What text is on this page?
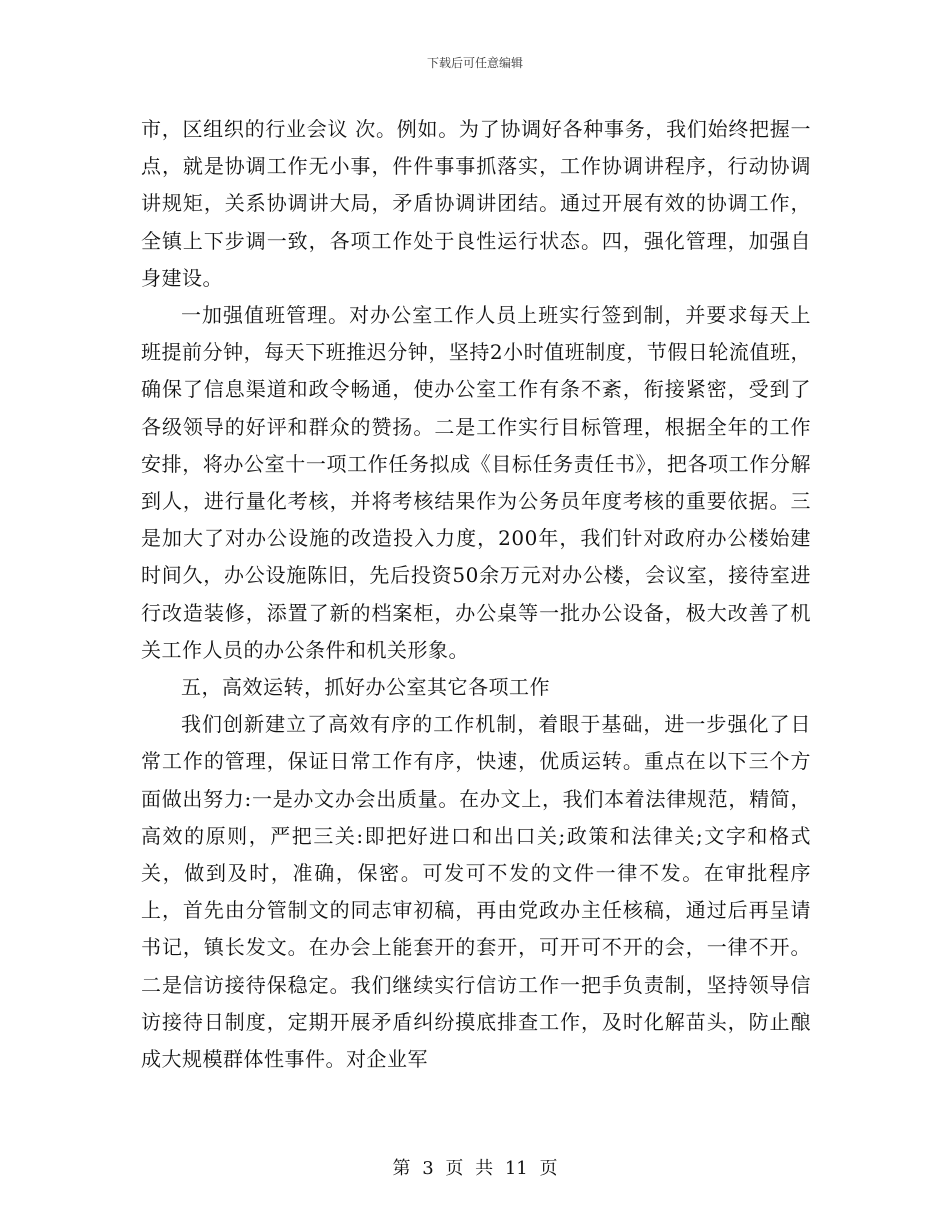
下载后可任意编辑

市，区组织的行业会议 次。例如。为了协调好各种事务，我们始终把握一点，就是协调工作无小事，件件事事抓落实，工作协调讲程序，行动协调讲规矩，关系协调讲大局，矛盾协调讲团结。通过开展有效的协调工作，全镇上下步调一致，各项工作处于良性运行状态。四，强化管理，加强自身建设。

一加强值班管理。对办公室工作人员上班实行签到制，并要求每天上班提前分钟，每天下班推迟分钟，坚持2小时值班制度，节假日轮流值班，确保了信息渠道和政令畅通，使办公室工作有条不紊，衔接紧密，受到了各级领导的好评和群众的赞扬。二是工作实行目标管理，根据全年的工作安排，将办公室十一项工作任务拟成《目标任务责任书》，把各项工作分解到人，进行量化考核，并将考核结果作为公务员年度考核的重要依据。三是加大了对办公设施的改造投入力度，200年，我们针对政府办公楼始建时间久，办公设施陈旧，先后投资50余万元对办公楼，会议室，接待室进行改造装修，添置了新的档案柜，办公桌等一批办公设备，极大改善了机关工作人员的办公条件和机关形象。

五，高效运转，抓好办公室其它各项工作

我们创新建立了高效有序的工作机制，着眼于基础，进一步强化了日常工作的管理，保证日常工作有序，快速，优质运转。重点在以下三个方面做出努力:一是办文办会出质量。在办文上，我们本着法律规范，精简，高效的原则，严把三关:即把好进口和出口关;政策和法律关;文字和格式关，做到及时，准确，保密。可发可不发的文件一律不发。在审批程序上，首先由分管制文的同志审初稿，再由党政办主任核稿，通过后再呈请书记，镇长发文。在办会上能套开的套开，可开可不开的会，一律不开。二是信访接待保稳定。我们继续实行信访工作一把手负责制，坚持领导信访接待日制度，定期开展矛盾纠纷摸底排查工作，及时化解苗头，防止酿成大规模群体性事件。对企业军

第 3 页 共 11 页
